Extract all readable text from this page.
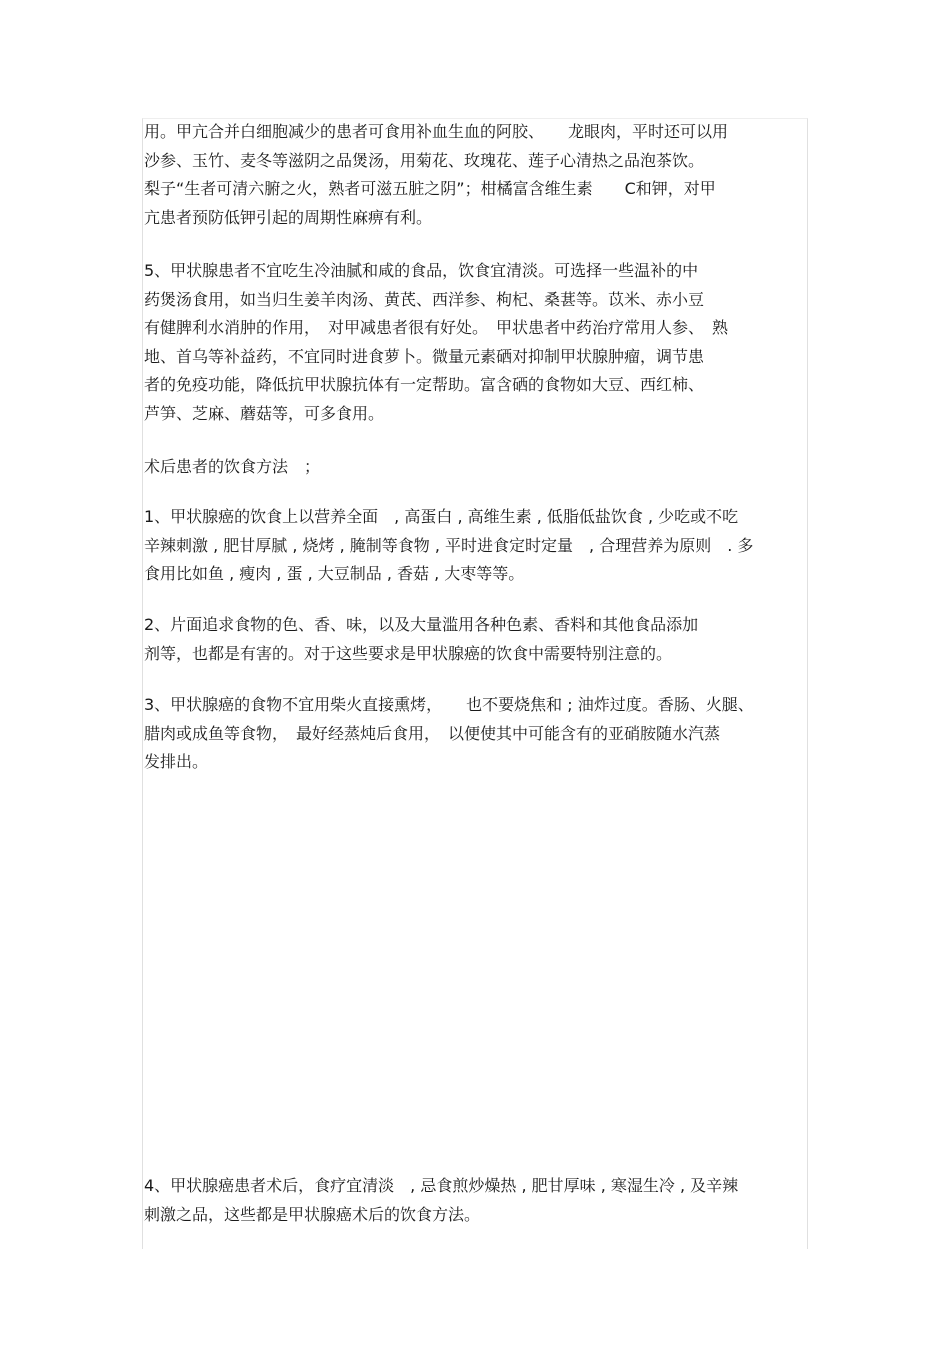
用。甲亢合并白细胞减少的患者可食用补血生血的阿胶、　　龙眼肉，平时还可以用
沙参、玉竹、麦冬等滋阴之品煲汤，用菊花、玫瑰花、莲子心清热之品泡茶饮。
梨子“生者可清六腑之火，熟者可滋五脏之阴”；柑橘富含维生素　　C和钾，对甲
亢患者预防低钾引起的周期性麻痹有利。
5、甲状腺患者不宜吃生冷油腻和咸的食品，饮食宜清淡。可选择一些温补的中
药煲汤食用，如当归生姜羊肉汤、黄芪、西洋参、枸杞、桑葚等。苡米、赤小豆
有健脾利水消肿的作用，　对甲减患者很有好处。　甲状患者中药治疗常用人参、　熟
地、首乌等补益药，不宜同时进食萝卜。微量元素硒对抑制甲状腺肿瘤，调节患
者的免疫功能，降低抗甲状腺抗体有一定帮助。富含硒的食物如大豆、西红柿、
芦笋、芝麻、蘑菇等，可多食用。
术后患者的饮食方法　；
1、甲状腺癌的饮食上以营养全面　, 高蛋白 , 高维生素 , 低脂低盐饮食 , 少吃或不吃
辛辣刺激 , 肥甘厚腻 , 烧烤 , 腌制等食物 , 平时进食定时定量　, 合理营养为原则　. 多
食用比如鱼 , 瘦肉 , 蛋 , 大豆制品 , 香菇 , 大枣等等。
2、片面追求食物的色、香、味，以及大量滥用各种色素、香料和其他食品添加
剂等，也都是有害的。对于这些要求是甲状腺癌的饮食中需要特别注意的。
3、甲状腺癌的食物不宜用柴火直接熏烤，　　也不要烧焦和 ; 油炸过度。香肠、火腿、
腊肉或成鱼等食物，　最好经蒸炖后食用，　以便使其中可能含有的亚硝胺随水汽蒸
发排出。
4、甲状腺癌患者术后，食疗宜清淡　, 忌食煎炒燥热 , 肥甘厚味 , 寒湿生冷 , 及辛辣
刺激之品，这些都是甲状腺癌术后的饮食方法。
